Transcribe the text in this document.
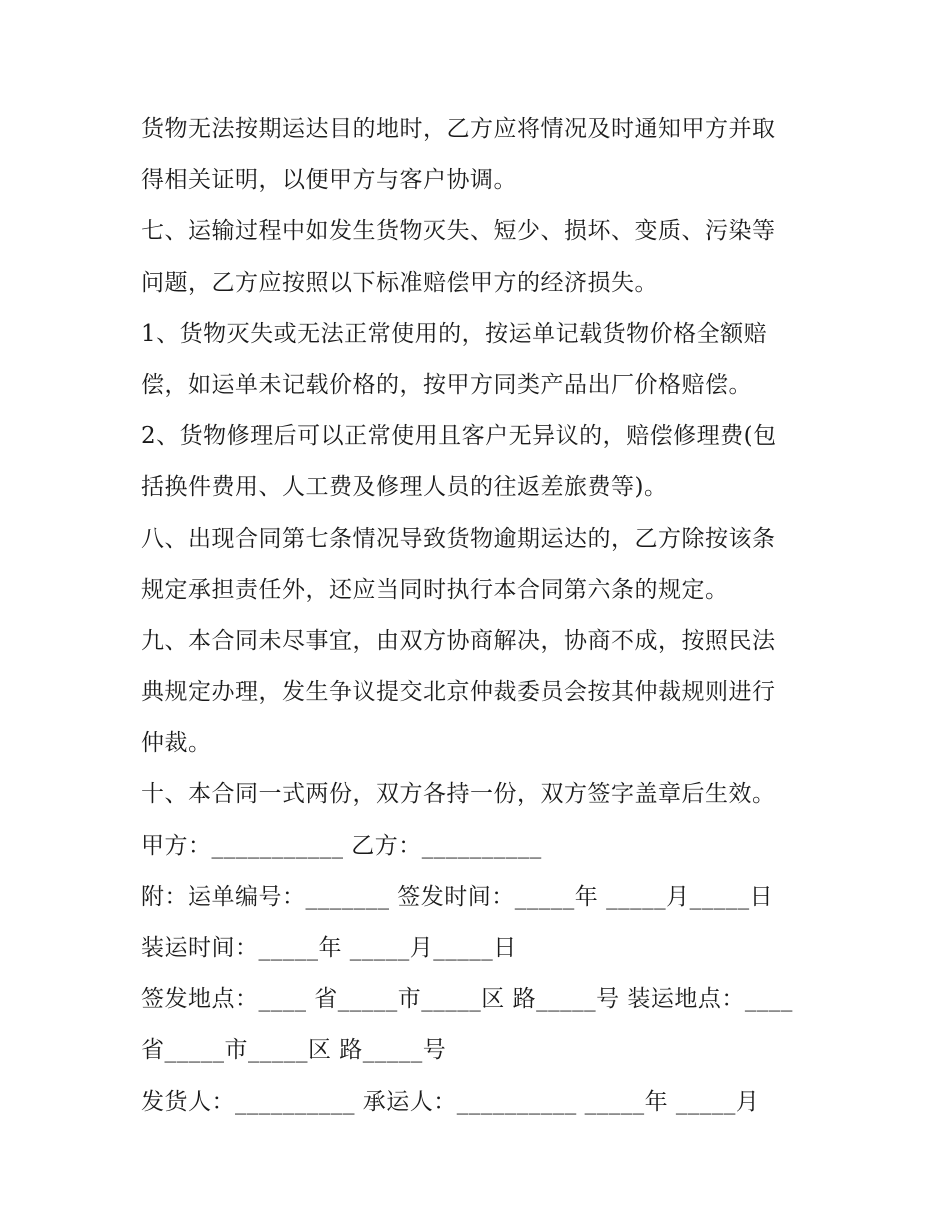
货物无法按期运达目的地时，乙方应将情况及时通知甲方并取
得相关证明，以便甲方与客户协调。
七、运输过程中如发生货物灭失、短少、损坏、变质、污染等
问题，乙方应按照以下标准赔偿甲方的经济损失。
1、货物灭失或无法正常使用的，按运单记载货物价格全额赔
偿，如运单未记载价格的，按甲方同类产品出厂价格赔偿。
2、货物修理后可以正常使用且客户无异议的，赔偿修理费(包
括换件费用、人工费及修理人员的往返差旅费等)。
八、出现合同第七条情况导致货物逾期运达的，乙方除按该条
规定承担责任外，还应当同时执行本合同第六条的规定。
九、本合同未尽事宜，由双方协商解决，协商不成，按照民法
典规定办理，发生争议提交北京仲裁委员会按其仲裁规则进行
仲裁。
十、本合同一式两份，双方各持一份，双方签字盖章后生效。
甲方：___________ 乙方：__________
附：运单编号：_______ 签发时间：_____年 _____月_____日
装运时间：_____年 _____月_____日
签发地点：____ 省_____市_____区 路_____号 装运地点：____
省_____市_____区 路_____号
发货人：__________ 承运人：__________ _____年 _____月
